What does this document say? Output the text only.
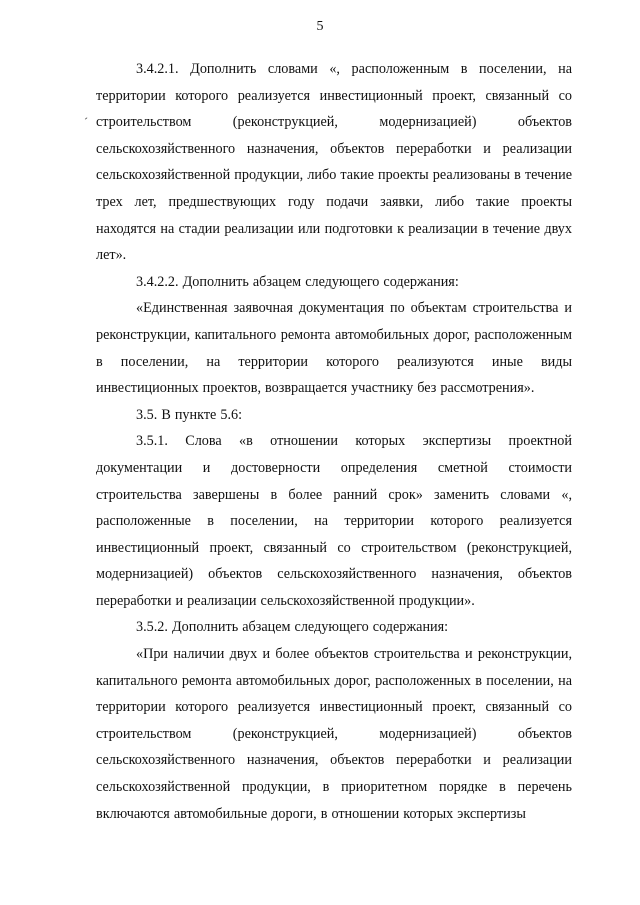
5
ˊ

3.4.2.1. Дополнить словами «, расположенным в поселении, на территории которого реализуется инвестиционный проект, связанный со строительством (реконструкцией, модернизацией) объектов сельскохозяйственного назначения, объектов переработки и реализации сельскохозяйственной продукции, либо такие проекты реализованы в течение трех лет, предшествующих году подачи заявки, либо такие проекты находятся на стадии реализации или подготовки к реализации в течение двух лет».

3.4.2.2. Дополнить абзацем следующего содержания:

«Единственная заявочная документация по объектам строительства и реконструкции, капитального ремонта автомобильных дорог, расположенным в поселении, на территории которого реализуются иные виды инвестиционных проектов, возвращается участнику без рассмотрения».

3.5. В пункте 5.6:

3.5.1. Слова «в отношении которых экспертизы проектной документации и достоверности определения сметной стоимости строительства завершены в более ранний срок» заменить словами «, расположенные в поселении, на территории которого реализуется инвестиционный проект, связанный со строительством (реконструкцией, модернизацией) объектов сельскохозяйственного назначения, объектов переработки и реализации сельскохозяйственной продукции».

3.5.2. Дополнить абзацем следующего содержания:

«При наличии двух и более объектов строительства и реконструкции, капитального ремонта автомобильных дорог, расположенных в поселении, на территории которого реализуется инвестиционный проект, связанный со строительством (реконструкцией, модернизацией) объектов сельскохозяйственного назначения, объектов переработки и реализации сельскохозяйственной продукции, в приоритетном порядке в перечень включаются автомобильные дороги, в отношении которых экспертизы
